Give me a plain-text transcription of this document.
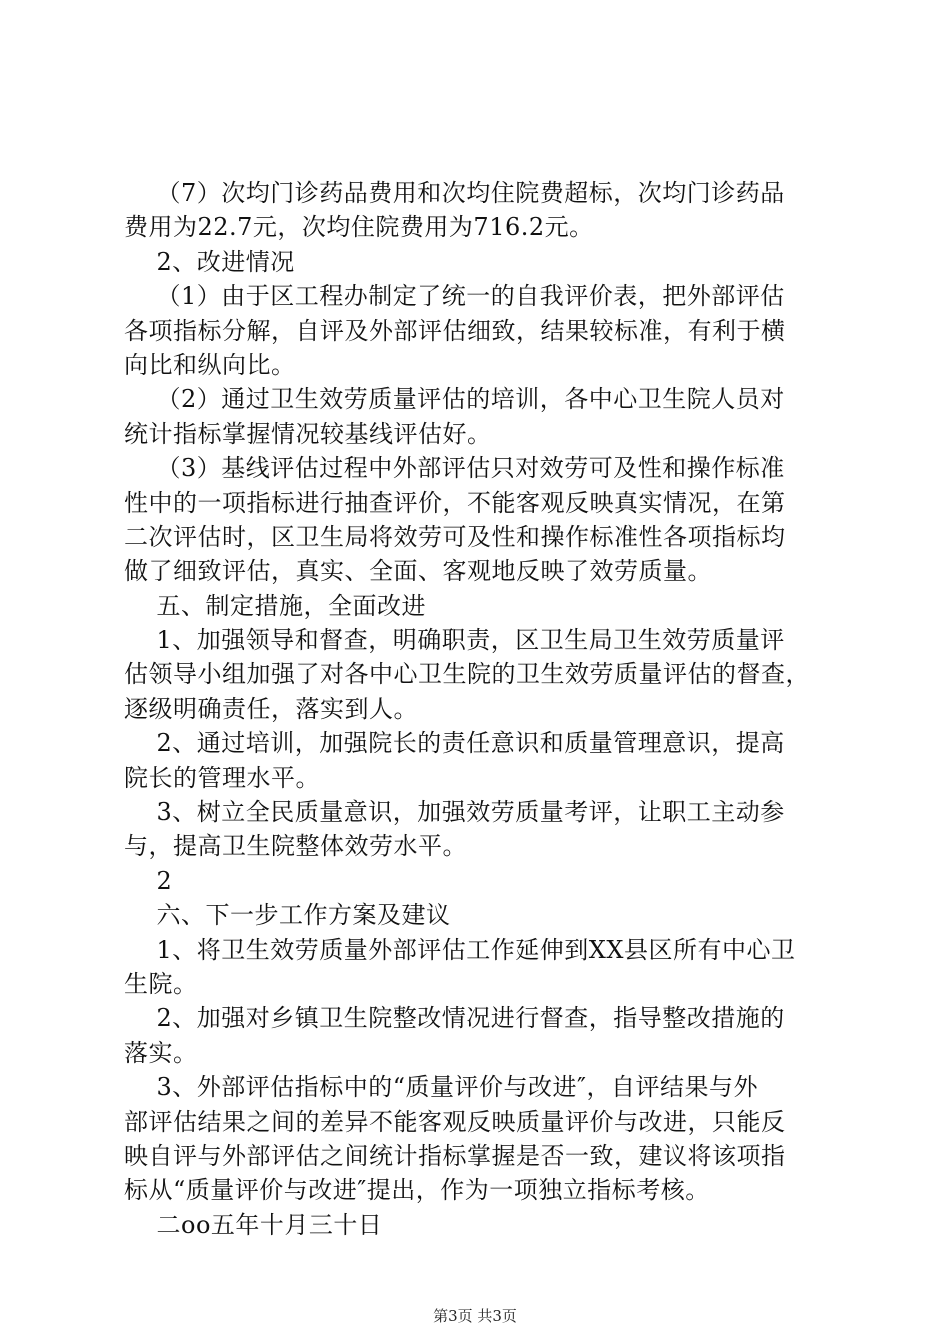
（7）次均门诊药品费用和次均住院费超标，次均门诊药品
费用为22.7元，次均住院费用为716.2元。
2、改进情况
（1）由于区工程办制定了统一的自我评价表，把外部评估
各项指标分解，自评及外部评估细致，结果较标准，有利于横
向比和纵向比。
（2）通过卫生效劳质量评估的培训，各中心卫生院人员对
统计指标掌握情况较基线评估好。
（3）基线评估过程中外部评估只对效劳可及性和操作标准
性中的一项指标进行抽查评价，不能客观反映真实情况，在第
二次评估时，区卫生局将效劳可及性和操作标准性各项指标均
做了细致评估，真实、全面、客观地反映了效劳质量。
五、制定措施，全面改进
1、加强领导和督查，明确职责，区卫生局卫生效劳质量评
估领导小组加强了对各中心卫生院的卫生效劳质量评估的督查，
逐级明确责任，落实到人。
2、通过培训，加强院长的责任意识和质量管理意识，提高
院长的管理水平。
3、树立全民质量意识，加强效劳质量考评，让职工主动参
与，提高卫生院整体效劳水平。
2
六、下一步工作方案及建议
1、将卫生效劳质量外部评估工作延伸到XX县区所有中心卫
生院。
2、加强对乡镇卫生院整改情况进行督查，指导整改措施的
落实。
3、外部评估指标中的“质量评价与改进″，自评结果与外
部评估结果之间的差异不能客观反映质量评价与改进，只能反
映自评与外部评估之间统计指标掌握是否一致，建议将该项指
标从“质量评价与改进″提出，作为一项独立指标考核。
二oo五年十月三十日
第3页 共3页
